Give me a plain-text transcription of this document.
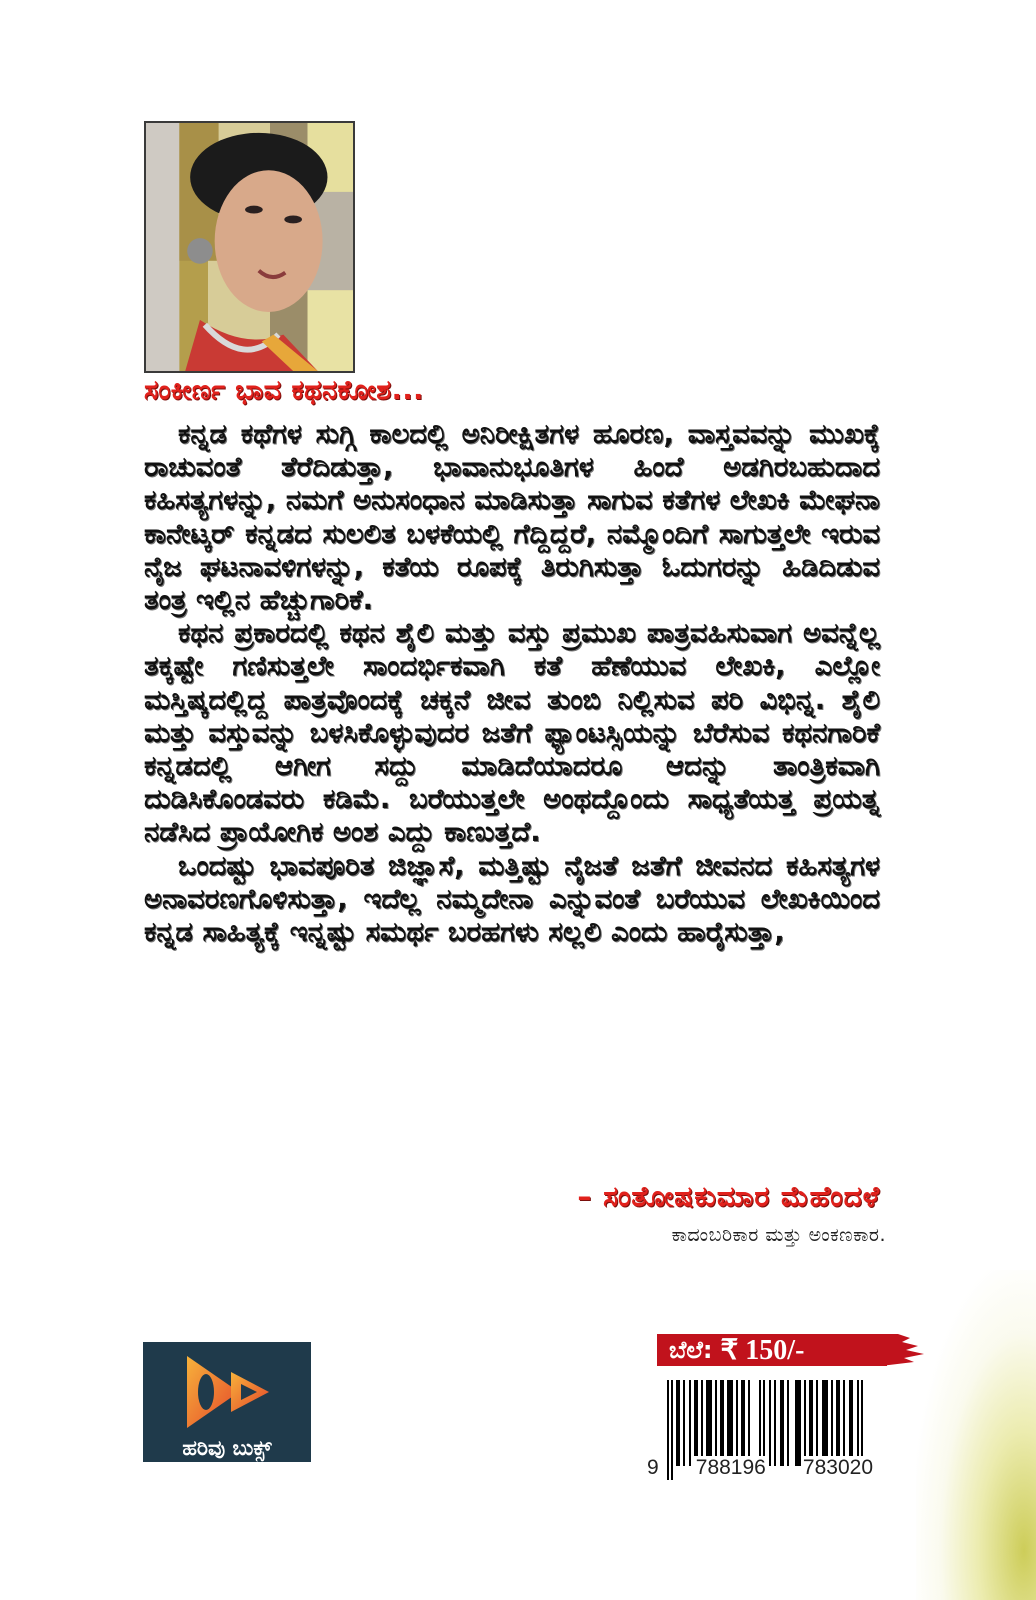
ಸಂಕೀರ್ಣ ಭಾವ ಕಥನಕೋಶ...

ಕನ್ನಡ ಕಥೆಗಳ ಸುಗ್ಗಿ ಕಾಲದಲ್ಲಿ ಅನಿರೀಕ್ಷಿತಗಳ ಹೂರಣ, ವಾಸ್ತವವನ್ನು ಮುಖಕ್ಕೆ ರಾಚುವಂತೆ ತೆರೆದಿಡುತ್ತಾ, ಭಾವಾನುಭೂತಿಗಳ ಹಿಂದೆ ಅಡಗಿರಬಹುದಾದ ಕಹಿಸತ್ಯಗಳನ್ನು, ನಮಗೆ ಅನುಸಂಧಾನ ಮಾಡಿಸುತ್ತಾ ಸಾಗುವ ಕತೆಗಳ ಲೇಖಕಿ ಮೇಘನಾ ಕಾನೇಟ್ಕರ್ ಕನ್ನಡದ ಸುಲಲಿತ ಬಳಕೆಯಲ್ಲಿ ಗೆದ್ದಿದ್ದರೆ, ನಮ್ಮೊಂದಿಗೆ ಸಾಗುತ್ತಲೇ ಇರುವ ನೈಜ ಘಟನಾವಳಿಗಳನ್ನು, ಕತೆಯ ರೂಪಕ್ಕೆ ತಿರುಗಿಸುತ್ತಾ ಓದುಗರನ್ನು ಹಿಡಿದಿಡುವ ತಂತ್ರ ಇಲ್ಲಿನ ಹೆಚ್ಚುಗಾರಿಕೆ.

ಕಥನ ಪ್ರಕಾರದಲ್ಲಿ ಕಥನ ಶೈಲಿ ಮತ್ತು ವಸ್ತು ಪ್ರಮುಖ ಪಾತ್ರವಹಿಸುವಾಗ ಅವನ್ನೆಲ್ಲ ತಕ್ಕಷ್ಟೇ ಗಣಿಸುತ್ತಲೇ ಸಾಂದರ್ಭಿಕವಾಗಿ ಕತೆ ಹೆಣೆಯುವ ಲೇಖಕಿ, ಎಲ್ಲೋ ಮಸ್ತಿಷ್ಕದಲ್ಲಿದ್ದ ಪಾತ್ರವೊಂದಕ್ಕೆ ಚಕ್ಕನೆ ಜೀವ ತುಂಬಿ ನಿಲ್ಲಿಸುವ ಪರಿ ವಿಭಿನ್ನ. ಶೈಲಿ ಮತ್ತು ವಸ್ತುವನ್ನು ಬಳಸಿಕೊಳ್ಳುವುದರ ಜತೆಗೆ ಫ್ಯಾಂಟಸ್ಸಿಯನ್ನು ಬೆರೆಸುವ ಕಥನಗಾರಿಕೆ ಕನ್ನಡದಲ್ಲಿ ಆಗೀಗ ಸದ್ದು ಮಾಡಿದೆಯಾದರೂ ಆದನ್ನು ತಾಂತ್ರಿಕವಾಗಿ ದುಡಿಸಿಕೊಂಡವರು ಕಡಿಮೆ. ಬರೆಯುತ್ತಲೇ ಅಂಥದ್ದೊಂದು ಸಾಧ್ಯತೆಯತ್ತ ಪ್ರಯತ್ನ ನಡೆಸಿದ ಪ್ರಾಯೋಗಿಕ ಅಂಶ ಎದ್ದು ಕಾಣುತ್ತದೆ.

ಒಂದಷ್ಟು ಭಾವಪೂರಿತ ಜಿಜ್ಞಾಸೆ, ಮತ್ತಿಷ್ಟು ನೈಜತೆ ಜತೆಗೆ ಜೀವನದ ಕಹಿಸತ್ಯಗಳ ಅನಾವರಣಗೊಳಿಸುತ್ತಾ, ಇದೆಲ್ಲ ನಮ್ಮದೇನಾ ಎನ್ನುವಂತೆ ಬರೆಯುವ ಲೇಖಕಿಯಿಂದ ಕನ್ನಡ ಸಾಹಿತ್ಯಕ್ಕೆ ಇನ್ನಷ್ಟು ಸಮರ್ಥ ಬರಹಗಳು ಸಲ್ಲಲಿ ಎಂದು ಹಾರೈಸುತ್ತಾ,

– ಸಂತೋಷಕುಮಾರ ಮೆಹೆಂದಳೆ
ಕಾದಂಬರಿಕಾರ ಮತ್ತು ಅಂಕಣಕಾರ.
ಹರಿವು ಬುಕ್ಸ್
ಬೆಲೆ: ₹ 150/-
9 788196 783020
